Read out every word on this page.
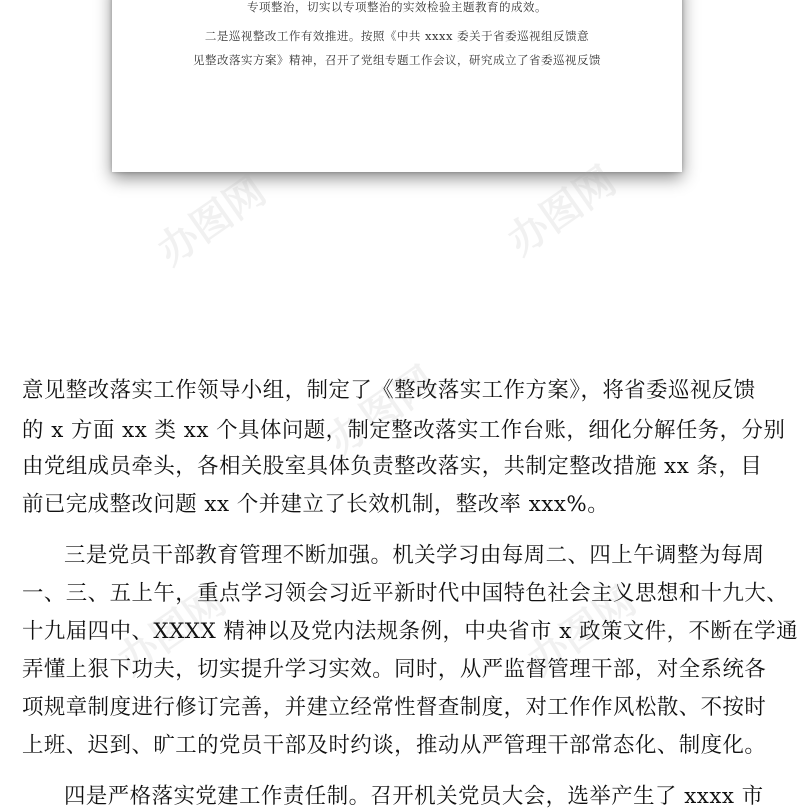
专项整治，切实以专项整治的实效检验主题教育的成效。
二是巡视整改工作有效推进。按照《中共 xxxx 委关于省委巡视组反馈意
见整改落实方案》精神，召开了党组专题工作会议，研究成立了省委巡视反馈
办图网	办图网
办图网
办图网	办图网
意见整改落实工作领导小组，制定了《整改落实工作方案》，将省委巡视反馈
的 x 方面 xx 类 xx 个具体问题，制定整改落实工作台账，细化分解任务，分别
由党组成员牵头，各相关股室具体负责整改落实，共制定整改措施 xx 条，目
前已完成整改问题 xx 个并建立了长效机制，整改率 xxx%。
三是党员干部教育管理不断加强。机关学习由每周二、四上午调整为每周
一、三、五上午，重点学习领会习近平新时代中国特色社会主义思想和十九大、
十九届四中、XXXX 精神以及党内法规条例，中央省市 x 政策文件，不断在学通
弄懂上狠下功夫，切实提升学习实效。同时，从严监督管理干部，对全系统各
项规章制度进行修订完善，并建立经常性督查制度，对工作作风松散、不按时
上班、迟到、旷工的党员干部及时约谈，推动从严管理干部常态化、制度化。
四是严格落实党建工作责任制。召开机关党员大会，选举产生了 xxxx 市
